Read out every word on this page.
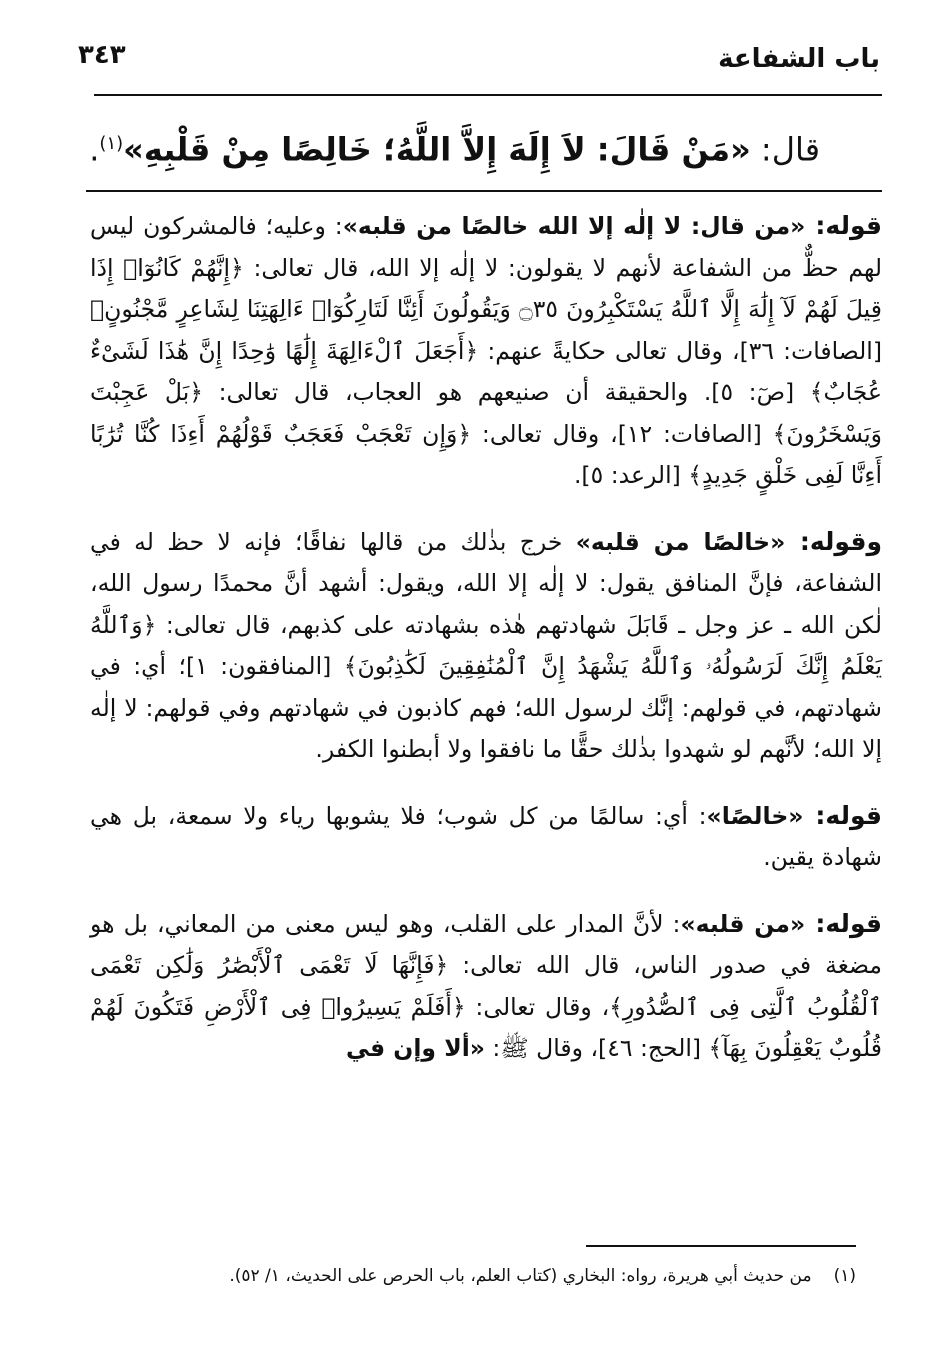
باب الشفاعة
٣٤٣
قال: «مَنْ قَالَ: لاَ إِلَهَ إِلاَّ اللَّهُ؛ خَالِصًا مِنْ قَلْبِهِ»$^{(١)}$.

قوله: «من قال: لا إلٰه إلا الله خالصًا من قلبه»: وعليه؛ فالمشركون ليس لهم حظٌّ من الشفاعة لأنهم لا يقولون: لا إلٰه إلا الله، قال تعالى: ﴿إِنَّهُمْ كَانُوٓا۟ إِذَا قِيلَ لَهُمْ لَآ إِلَٰهَ إِلَّا ٱللَّهُ يَسْتَكْبِرُونَ ۝٣٥ وَيَقُولُونَ أَئِنَّا لَتَارِكُوٓا۟ ءَالِهَتِنَا لِشَاعِرٍ مَّجْنُونٍ﴾ [الصافات: ٣٦]، وقال تعالى حكايةً عنهم: ﴿أَجَعَلَ ٱلْءَالِهَةَ إِلَٰهًا وَٰحِدًا إِنَّ هَٰذَا لَشَىْءٌ عُجَابٌ﴾ [صٓ: ٥]. والحقيقة أن صنيعهم هو العجاب، قال تعالى: ﴿بَلْ عَجِبْتَ وَيَسْخَرُونَ﴾ [الصافات: ١٢]، وقال تعالى: ﴿وَإِن تَعْجَبْ فَعَجَبٌ قَوْلُهُمْ أَءِذَا كُنَّا تُرَٰبًا أَءِنَّا لَفِى خَلْقٍ جَدِيدٍ﴾ [الرعد: ٥].

وقوله: «خالصًا من قلبه» خرج بذٰلك من قالها نفاقًا؛ فإنه لا حظ له في الشفاعة، فإنَّ المنافق يقول: لا إلٰه إلا الله، ويقول: أشهد أنَّ محمدًا رسول الله، لٰكن الله ـ عز وجل ـ قَابَلَ شهادتهم هٰذه بشهادته على كذبهم، قال تعالى: ﴿وَٱللَّهُ يَعْلَمُ إِنَّكَ لَرَسُولُهُۥ وَٱللَّهُ يَشْهَدُ إِنَّ ٱلْمُنَٰفِقِينَ لَكَٰذِبُونَ﴾ [المنافقون: ١]؛ أي: في شهادتهم، في قولهم: إنَّك لرسول الله؛ فهم كاذبون في شهادتهم وفي قولهم: لا إلٰه إلا الله؛ لأنَّهم لو شهدوا بذٰلك حقًّا ما نافقوا ولا أبطنوا الكفر.

قوله: «خالصًا»: أي: سالمًا من كل شوب؛ فلا يشوبها رياء ولا سمعة، بل هي شهادة يقين.

قوله: «من قلبه»: لأنَّ المدار على القلب، وهو ليس معنى من المعاني، بل هو مضغة في صدور الناس، قال الله تعالى: ﴿فَإِنَّهَا لَا تَعْمَى ٱلْأَبْصَٰرُ وَلَٰكِن تَعْمَى ٱلْقُلُوبُ ٱلَّتِى فِى ٱلصُّدُورِ﴾، وقال تعالى: ﴿أَفَلَمْ يَسِيرُوا۟ فِى ٱلْأَرْضِ فَتَكُونَ لَهُمْ قُلُوبٌ يَعْقِلُونَ بِهَآ﴾ [الحج: ٤٦]، وقال ﷺ: «ألا وإن في

(١)من حديث أبي هريرة، رواه: البخاري (كتاب العلم، باب الحرص على الحديث، ١/ ٥٢).
